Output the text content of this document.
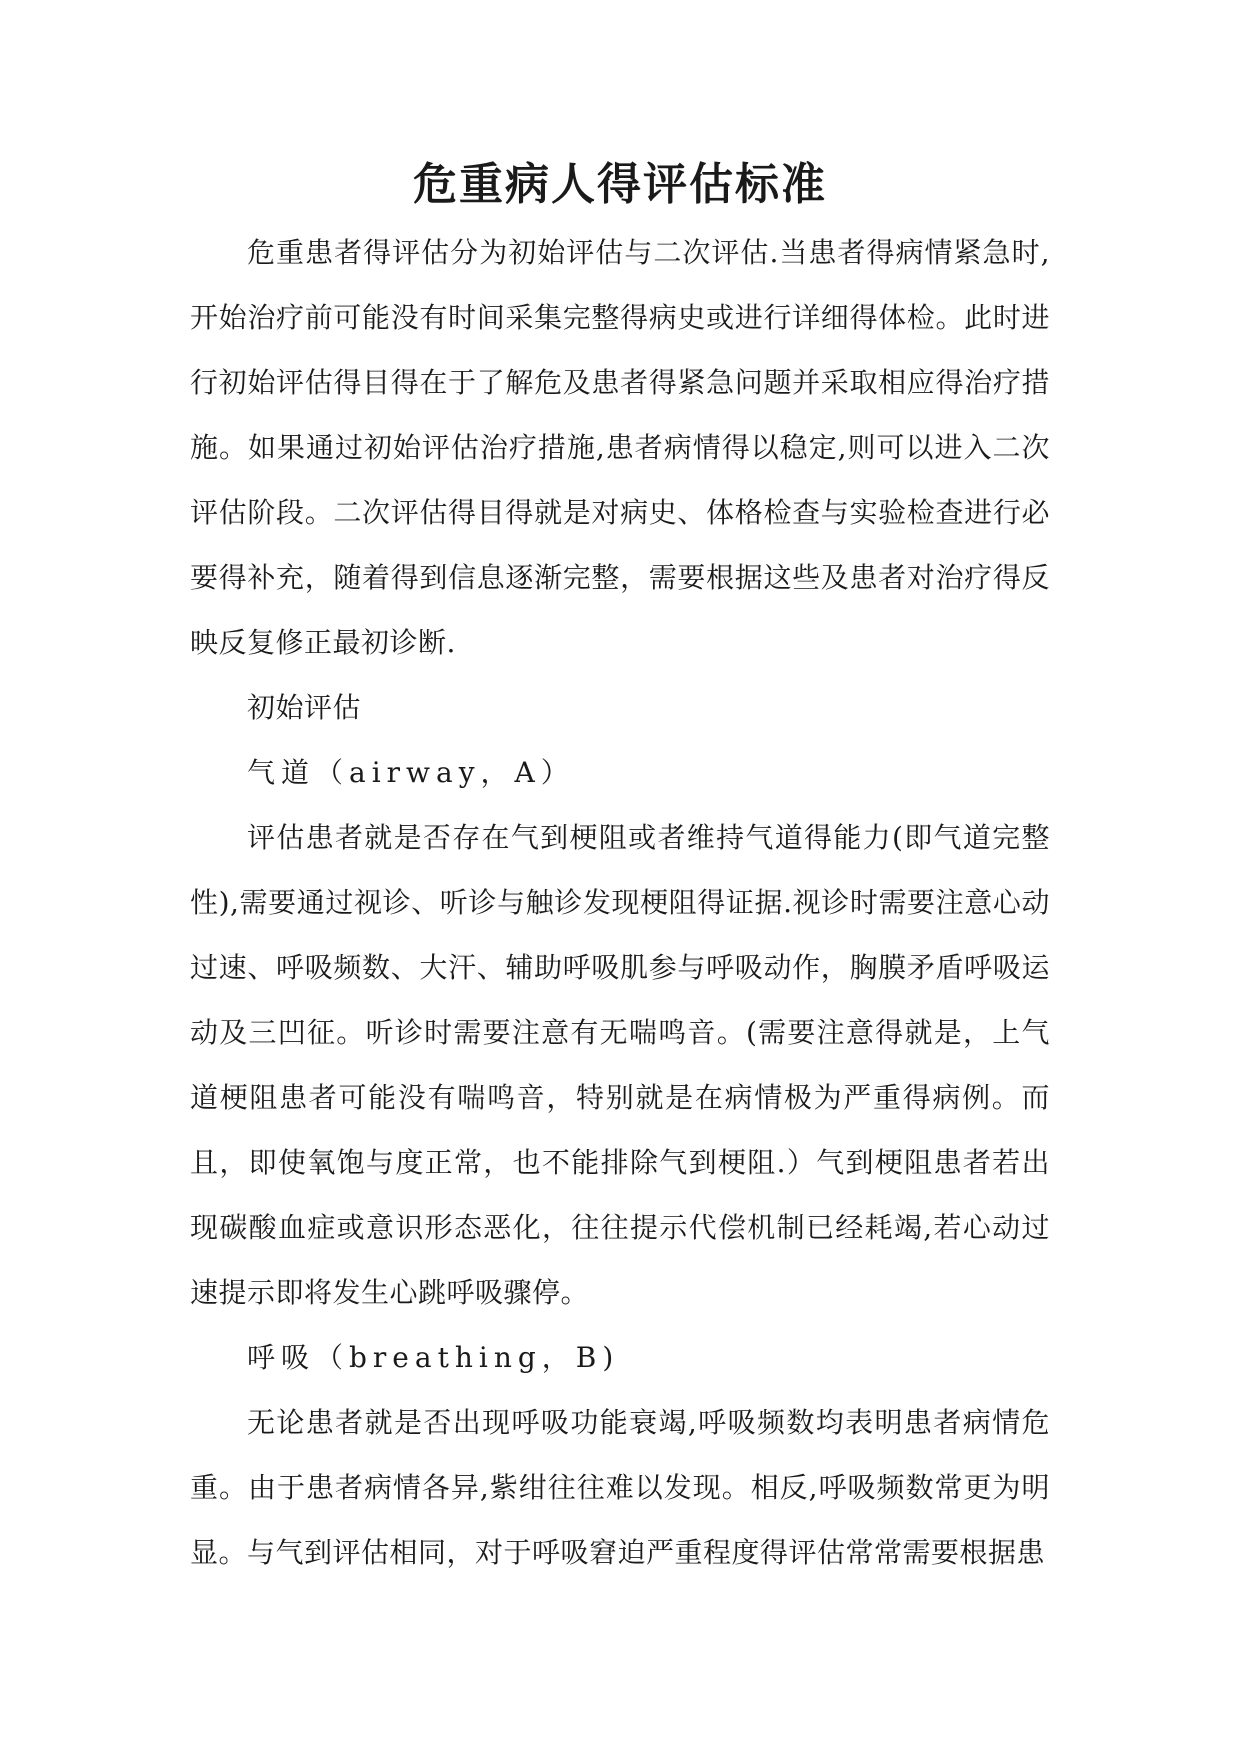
危重病人得评估标准

危重患者得评估分为初始评估与二次评估.当患者得病情紧急时,开始治疗前可能没有时间采集完整得病史或进行详细得体检。此时进行初始评估得目得在于了解危及患者得紧急问题并采取相应得治疗措施。如果通过初始评估治疗措施,患者病情得以稳定,则可以进入二次评估阶段。二次评估得目得就是对病史、体格检查与实验检查进行必要得补充，随着得到信息逐渐完整，需要根据这些及患者对治疗得反映反复修正最初诊断.

初始评估

气道（airway，A）

评估患者就是否存在气到梗阻或者维持气道得能力(即气道完整性),需要通过视诊、听诊与触诊发现梗阻得证据.视诊时需要注意心动过速、呼吸频数、大汗、辅助呼吸肌参与呼吸动作，胸膜矛盾呼吸运动及三凹征。听诊时需要注意有无喘鸣音。(需要注意得就是，上气道梗阻患者可能没有喘鸣音，特别就是在病情极为严重得病例。而且，即使氧饱与度正常，也不能排除气到梗阻.）气到梗阻患者若出现碳酸血症或意识形态恶化，往往提示代偿机制已经耗竭,若心动过速提示即将发生心跳呼吸骤停。

呼吸（breathing，B)

无论患者就是否出现呼吸功能衰竭,呼吸频数均表明患者病情危重。由于患者病情各异,紫绀往往难以发现。相反,呼吸频数常更为明显。与气到评估相同，对于呼吸窘迫严重程度得评估常常需要根据患
